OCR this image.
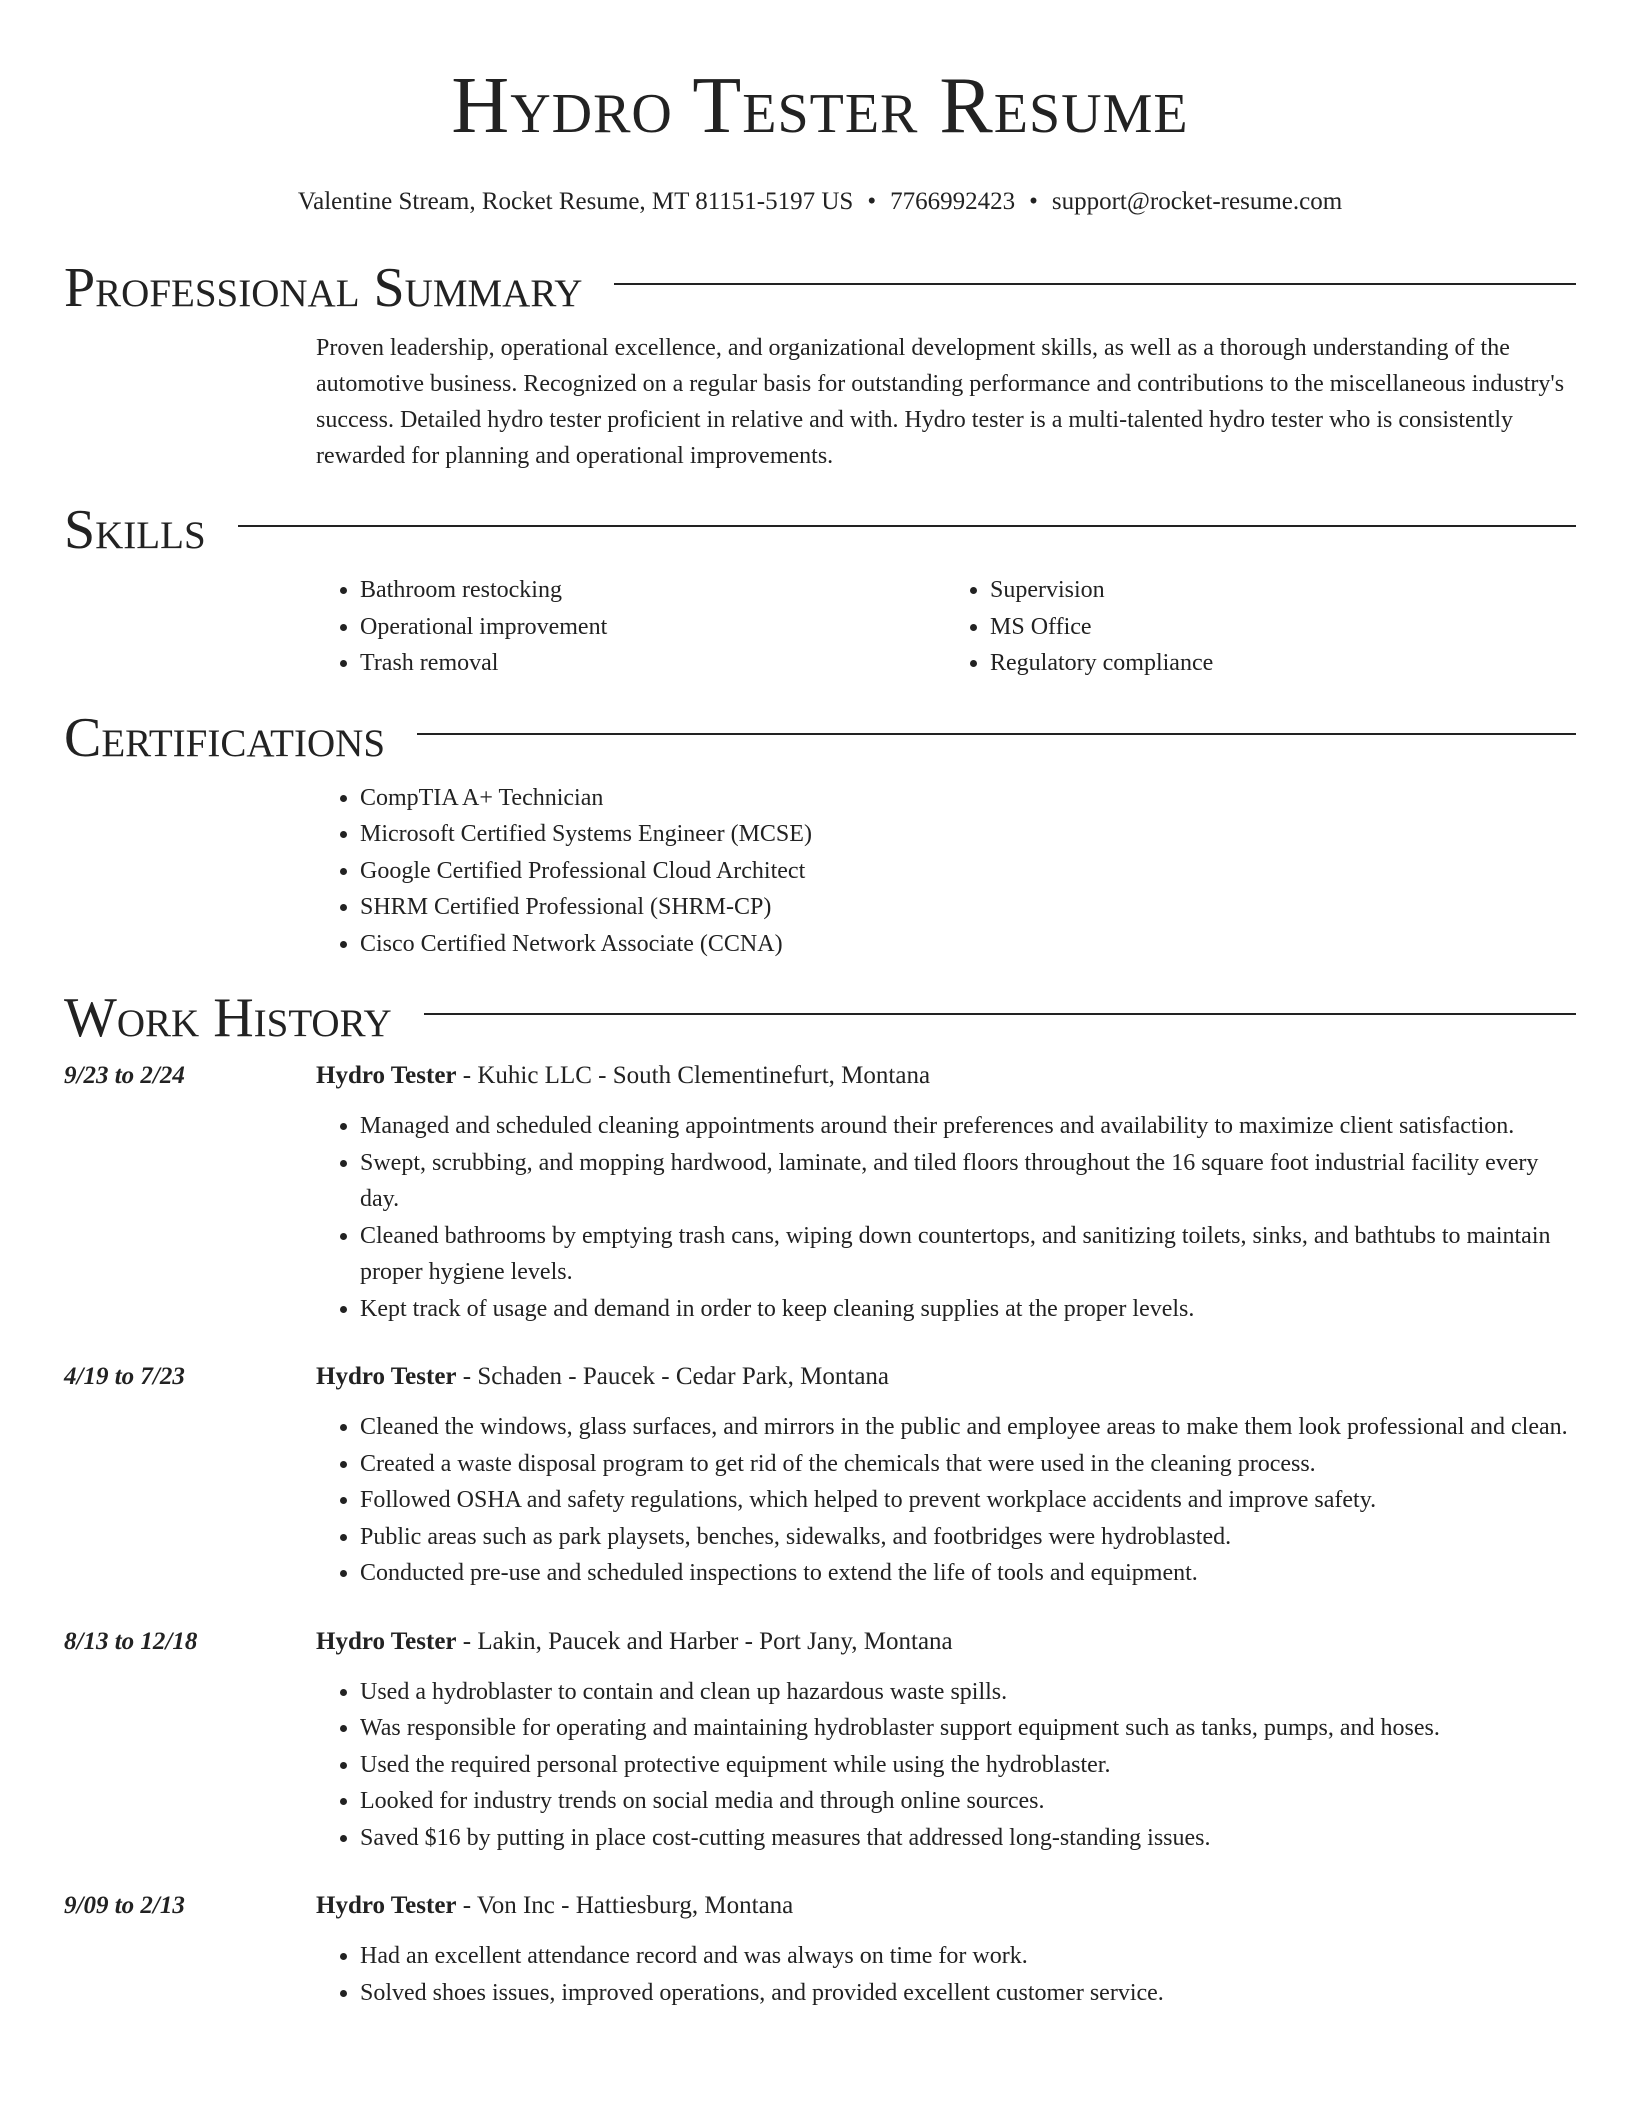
Hydro Tester Resume
Valentine Stream, Rocket Resume, MT 81151-5197 US • 7766992423 • support@rocket-resume.com
Professional Summary

Proven leadership, operational excellence, and organizational development skills, as well as a thorough understanding of the automotive business. Recognized on a regular basis for outstanding performance and contributions to the miscellaneous industry's success. Detailed hydro tester proficient in relative and with. Hydro tester is a multi-talented hydro tester who is consistently rewarded for planning and operational improvements.

Skills
• Bathroom restocking
• Operational improvement
• Trash removal
• Supervision
• MS Office
• Regulatory compliance
Certifications
• CompTIA A+ Technician
• Microsoft Certified Systems Engineer (MCSE)
• Google Certified Professional Cloud Architect
• SHRM Certified Professional (SHRM-CP)
• Cisco Certified Network Associate (CCNA)
Work History
9/23 to 2/24	Hydro Tester - Kuhic LLC - South Clementinefurt, Montana
• Managed and scheduled cleaning appointments around their preferences and availability to maximize client satisfaction.
• Swept, scrubbing, and mopping hardwood, laminate, and tiled floors throughout the 16 square foot industrial facility every day.
• Cleaned bathrooms by emptying trash cans, wiping down countertops, and sanitizing toilets, sinks, and bathtubs to maintain proper hygiene levels.
• Kept track of usage and demand in order to keep cleaning supplies at the proper levels.
4/19 to 7/23	Hydro Tester - Schaden - Paucek - Cedar Park, Montana
• Cleaned the windows, glass surfaces, and mirrors in the public and employee areas to make them look professional and clean.
• Created a waste disposal program to get rid of the chemicals that were used in the cleaning process.
• Followed OSHA and safety regulations, which helped to prevent workplace accidents and improve safety.
• Public areas such as park playsets, benches, sidewalks, and footbridges were hydroblasted.
• Conducted pre-use and scheduled inspections to extend the life of tools and equipment.
8/13 to 12/18	Hydro Tester - Lakin, Paucek and Harber - Port Jany, Montana
• Used a hydroblaster to contain and clean up hazardous waste spills.
• Was responsible for operating and maintaining hydroblaster support equipment such as tanks, pumps, and hoses.
• Used the required personal protective equipment while using the hydroblaster.
• Looked for industry trends on social media and through online sources.
• Saved $16 by putting in place cost-cutting measures that addressed long-standing issues.
9/09 to 2/13	Hydro Tester - Von Inc - Hattiesburg, Montana
• Had an excellent attendance record and was always on time for work.
• Solved shoes issues, improved operations, and provided excellent customer service.
